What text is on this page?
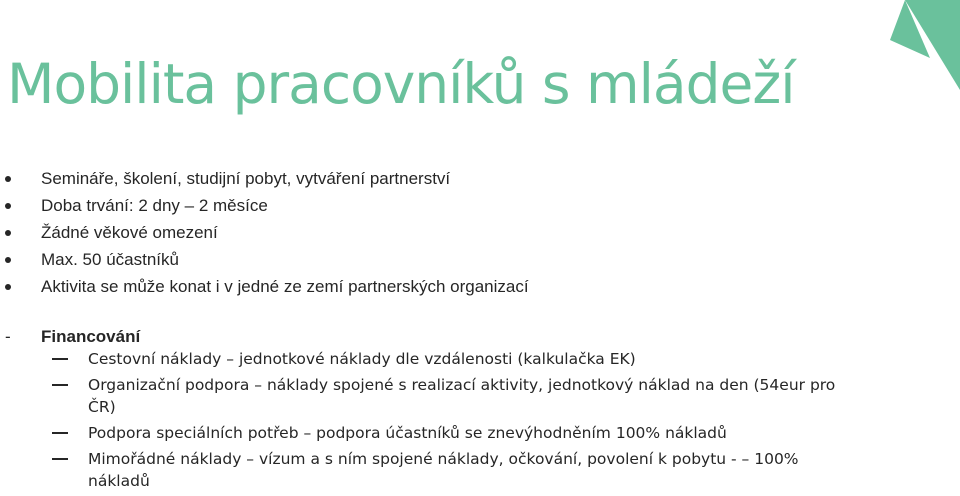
Mobilita pracovníků s mládeží
Semináře, školení, studijní pobyt, vytváření partnerství
Doba trvání: 2 dny – 2 měsíce
Žádné věkové omezení
Max. 50 účastníků
Aktivita se může konat i v jedné ze zemí partnerských organizací
- Financování
Cestovní náklady – jednotkové náklady dle vzdálenosti (kalkulačka EK)
Organizační podpora – náklady spojené s realizací aktivity, jednotkový náklad na den (54eur pro ČR)
Podpora speciálních potřeb – podpora účastníků se znevýhodněním 100% nákladů
Mimořádné náklady – vízum a s ním spojené náklady, očkování, povolení k pobytu - – 100% nákladů
